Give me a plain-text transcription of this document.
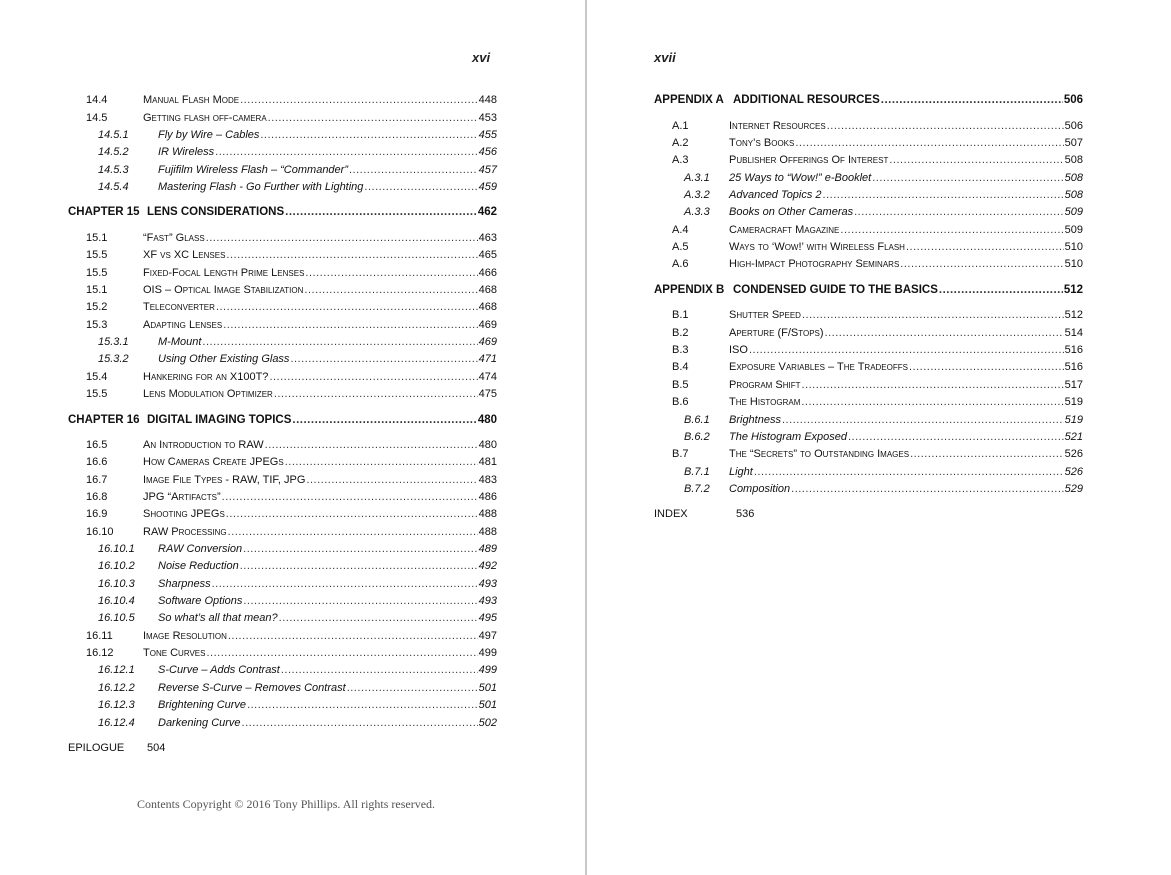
xvi
14.4	Manual Flash Mode .....	448
14.5	Getting flash off-camera .....	453
14.5.1	Fly by Wire – Cables .....	455
14.5.2	IR Wireless .....	456
14.5.3	Fujifilm Wireless Flash – “Commander” .....	457
14.5.4	Mastering Flash - Go Further with Lighting .....	459
CHAPTER 15 LENS CONSIDERATIONS .....	462
15.1	“Fast” Glass .....	463
15.5	XF vs XC Lenses .....	465
15.5	Fixed-Focal Length Prime Lenses .....	466
15.1	OIS – Optical Image Stabilization .....	468
15.2	Teleconverter .....	468
15.3	Adapting Lenses .....	469
15.3.1	M-Mount .....	469
15.3.2	Using Other Existing Glass .....	471
15.4	Hankering for an X100T? .....	474
15.5	Lens Modulation Optimizer .....	475
CHAPTER 16 DIGITAL IMAGING TOPICS .....	480
16.5	An Introduction to RAW .....	480
16.6	How Cameras Create JPEGs .....	481
16.7	Image File Types - RAW, TIF, JPG .....	483
16.8	JPG “Artifacts” .....	486
16.9	Shooting JPEGs .....	488
16.10	RAW Processing .....	488
16.10.1 RAW Conversion .....	489
16.10.2 Noise Reduction .....	492
16.10.3 Sharpness .....	493
16.10.4 Software Options .....	493
16.10.5 So what’s all that mean? .....	495
16.11	Image Resolution .....	497
16.12	Tone Curves .....	499
16.12.1 S-Curve – Adds Contrast .....	499
16.12.2 Reverse S-Curve – Removes Contrast .....	501
16.12.3 Brightening Curve .....	501
16.12.4 Darkening Curve .....	502
EPILOGUE 504
Contents Copyright © 2016 Tony Phillips. All rights reserved.
xvii
APPENDIX A ADDITIONAL RESOURCES .....	506
A.1	Internet Resources .....	506
A.2	Tony’s Books .....	507
A.3	Publisher Offerings Of Interest .....	508
A.3.1 25 Ways to “Wow!” e-Booklet .....	508
A.3.2 Advanced Topics 2 .....	508
A.3.3 Books on Other Cameras .....	509
A.4	Cameracraft Magazine .....	509
A.5	Ways to ‘Wow!’ with Wireless Flash .....	510
A.6	High-Impact Photography Seminars .....	510
APPENDIX B CONDENSED GUIDE TO THE BASICS .....	512
B.1	Shutter Speed .....	512
B.2	Aperture (F/Stops) .....	514
B.3	ISO .....	516
B.4	Exposure Variables – The Tradeoffs .....	516
B.5	Program Shift .....	517
B.6	The Histogram .....	519
B.6.1 Brightness .....	519
B.6.2 The Histogram Exposed .....	521
B.7	The “Secrets” to Outstanding Images .....	526
B.7.1 Light .....	526
B.7.2 Composition .....	529
INDEX	536
